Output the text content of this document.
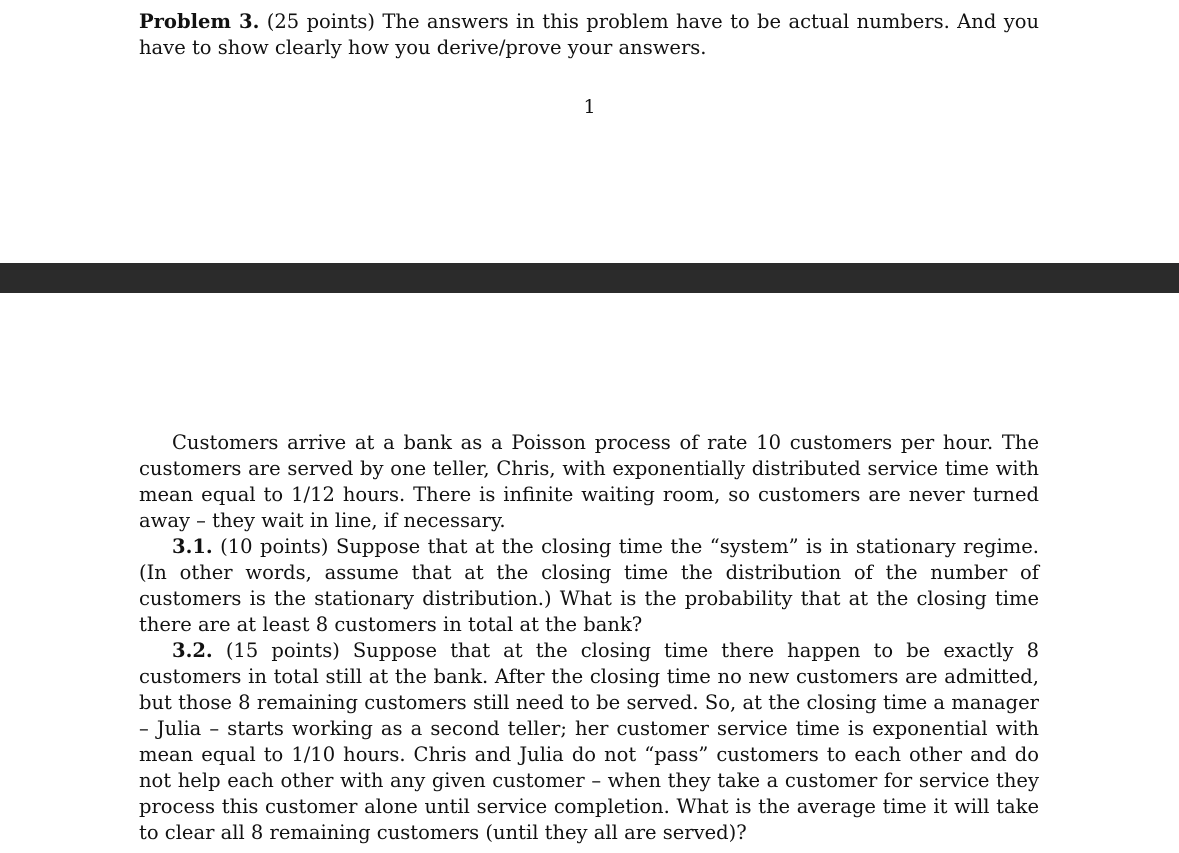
Problem 3. (25 points) The answers in this problem have to be actual numbers. And you have to show clearly how you derive/prove your answers.
1

Customers arrive at a bank as a Poisson process of rate 10 customers per hour. The customers are served by one teller, Chris, with exponentially distributed service time with mean equal to 1/12 hours. There is infinite waiting room, so customers are never turned away – they wait in line, if necessary.

3.1. (10 points) Suppose that at the closing time the “system” is in stationary regime. (In other words, assume that at the closing time the distribution of the number of customers is the stationary distribution.) What is the probability that at the closing time there are at least 8 customers in total at the bank?

3.2. (15 points) Suppose that at the closing time there happen to be exactly 8 customers in total still at the bank. After the closing time no new customers are admitted, but those 8 remaining customers still need to be served. So, at the closing time a manager – Julia – starts working as a second teller; her customer service time is exponential with mean equal to 1/10 hours. Chris and Julia do not “pass” customers to each other and do not help each other with any given customer – when they take a customer for service they process this customer alone until service completion. What is the average time it will take to clear all 8 remaining customers (until they all are served)?
